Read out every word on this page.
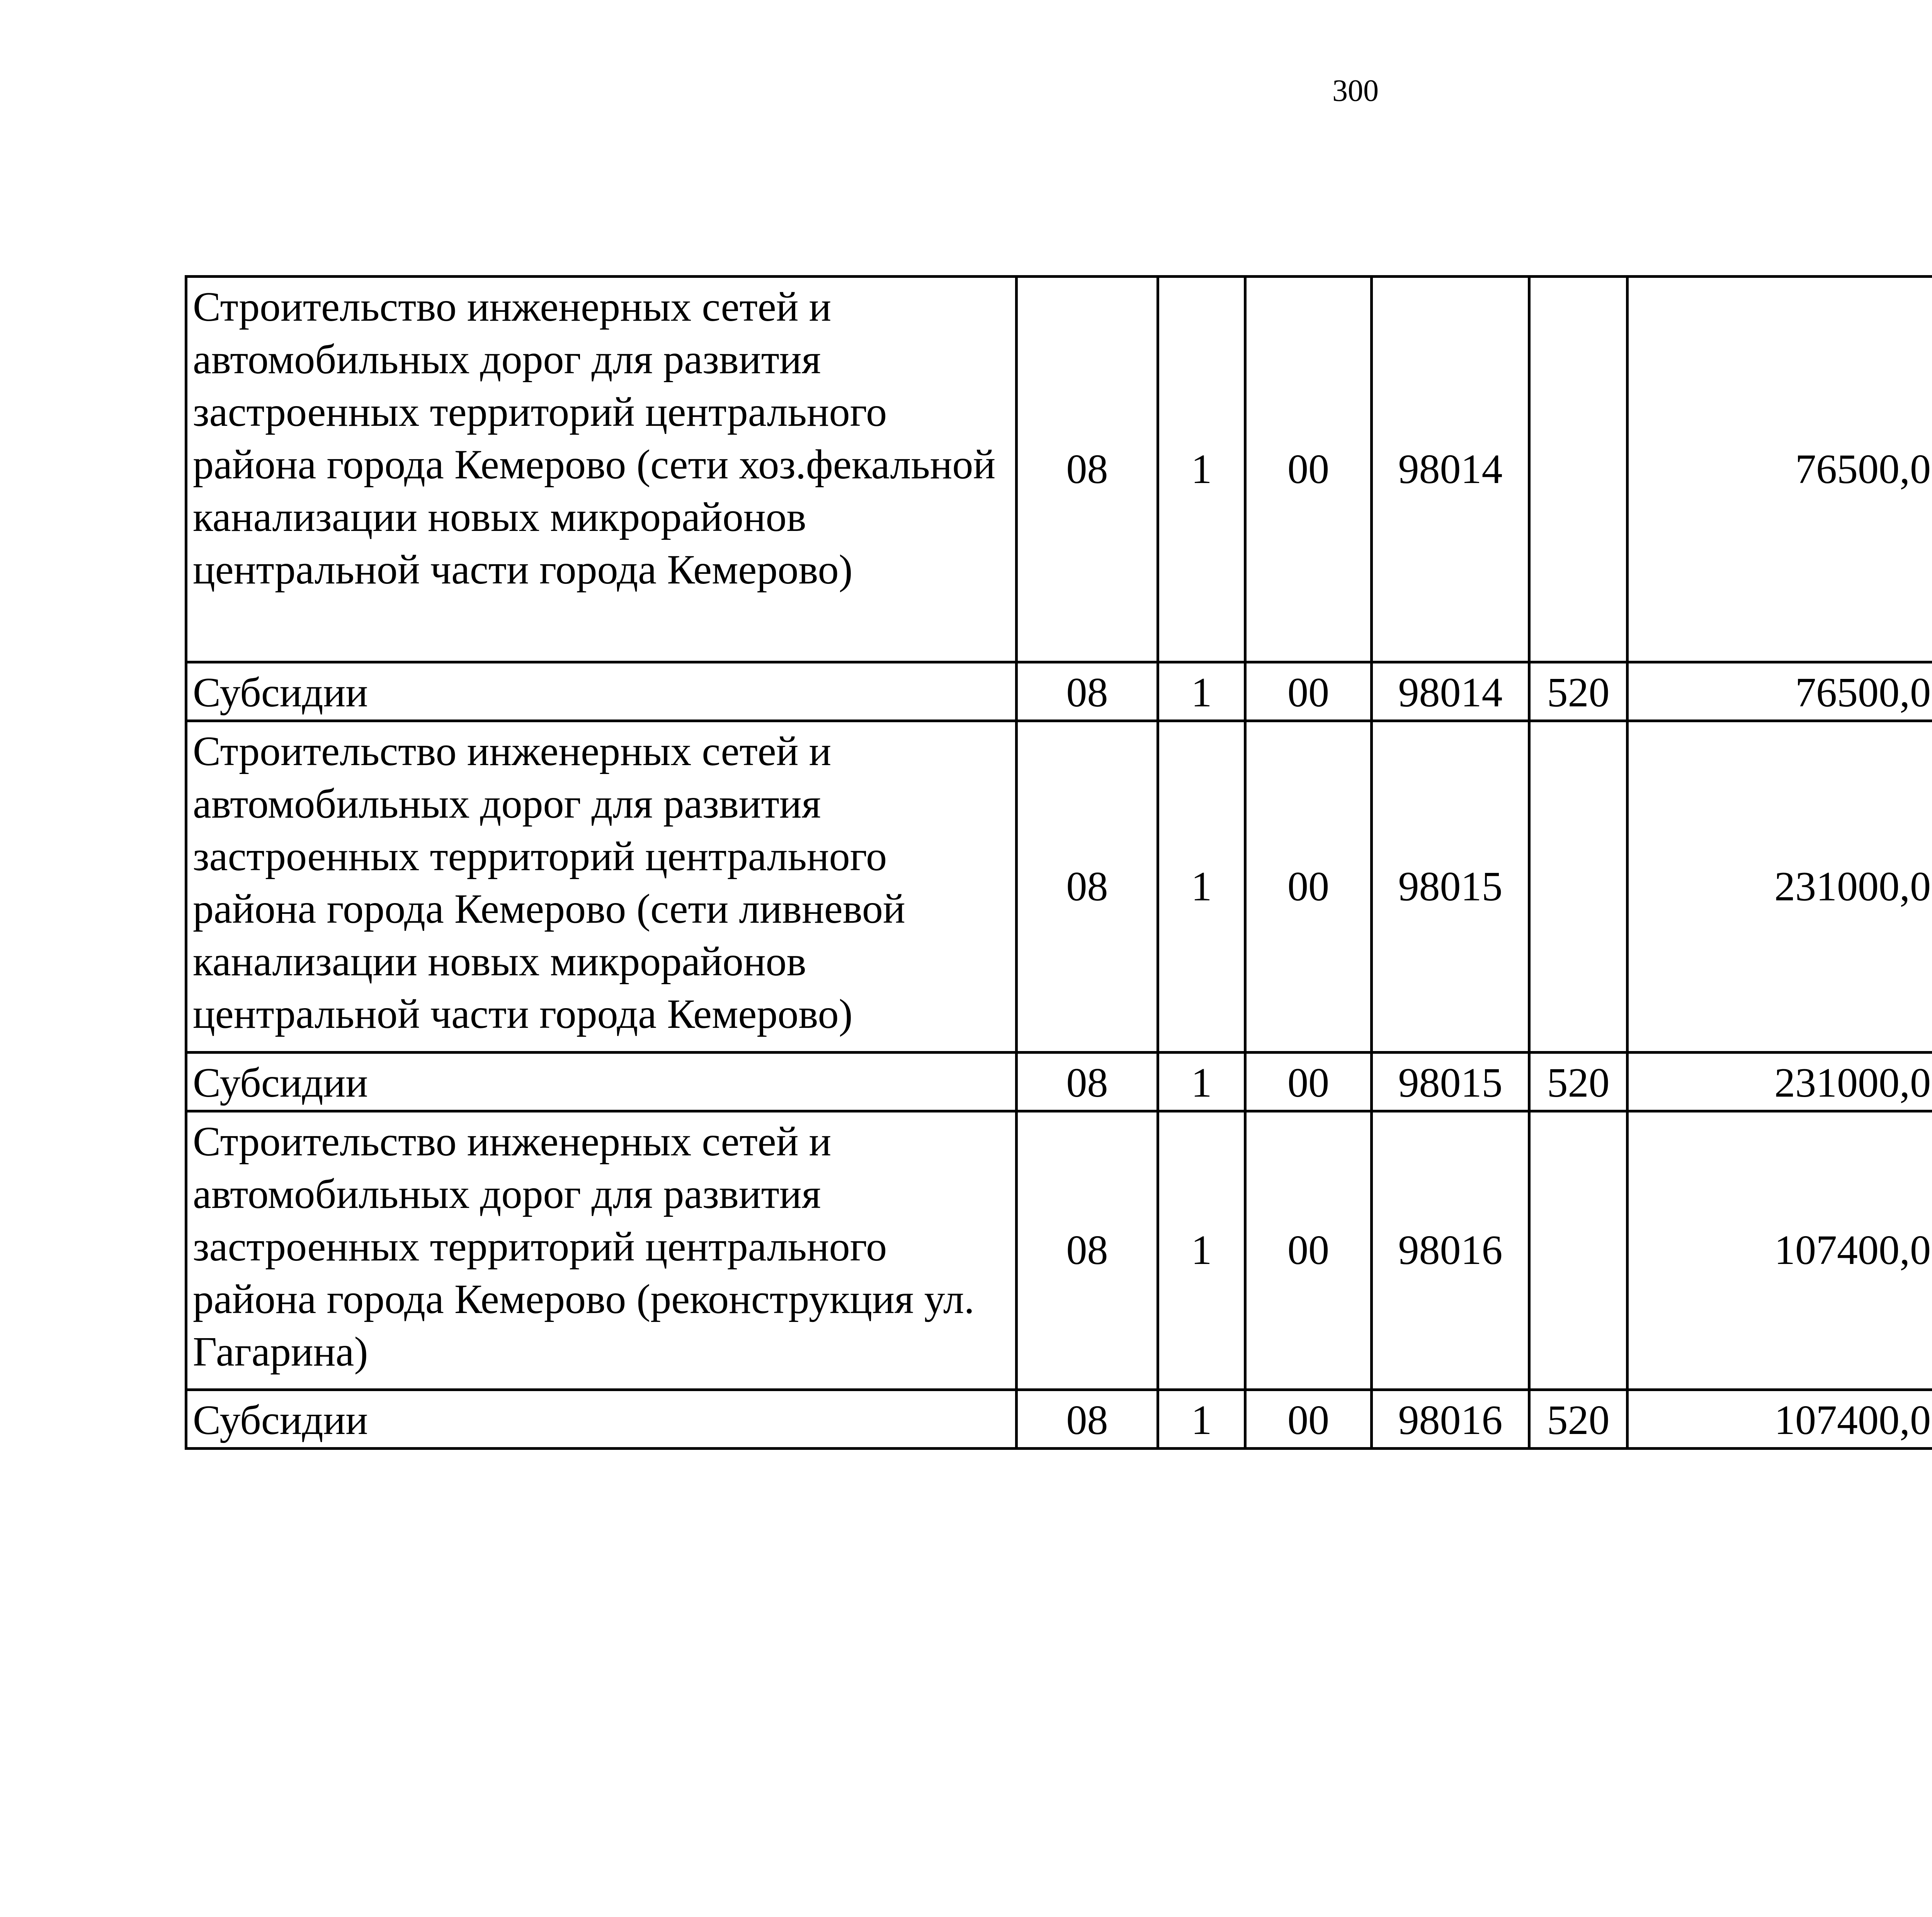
300
Строительство инженерных сетей и автомобильных дорог для развития застроенных территорий центрального района города Кемерово (сети хоз.фекальной канализации новых микрорайонов центральной части города Кемерово)	08	1	00	98014		76500,0		
Субсидии	08	1	00	98014	520	76500,0		
Строительство инженерных сетей и автомобильных дорог для развития застроенных территорий центрального района города Кемерово (сети ливневой канализации новых микрорайонов центральной части города Кемерово)	08	1	00	98015		231000,0		
Субсидии	08	1	00	98015	520	231000,0		
Строительство инженерных сетей и автомобильных дорог для развития застроенных территорий центрального района города Кемерово (реконструкция ул. Гагарина)	08	1	00	98016		107400,0		
Субсидии	08	1	00	98016	520	107400,0		
